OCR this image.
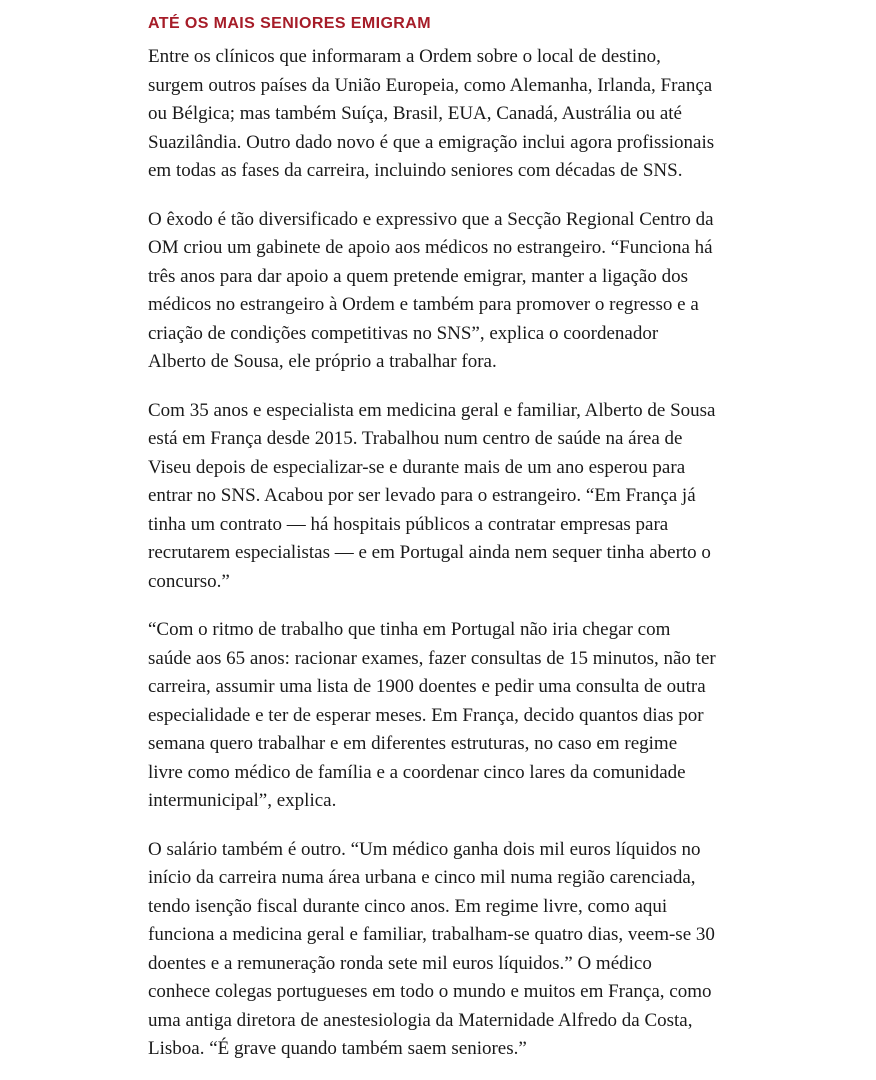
ATÉ OS MAIS SENIORES EMIGRAM

Entre os clínicos que informaram a Ordem sobre o local de destino, surgem outros países da União Europeia, como Alemanha, Irlanda, França ou Bélgica; mas também Suíça, Brasil, EUA, Canadá, Austrália ou até Suazilândia. Outro dado novo é que a emigração inclui agora profissionais em todas as fases da carreira, incluindo seniores com décadas de SNS.

O êxodo é tão diversificado e expressivo que a Secção Regional Centro da OM criou um gabinete de apoio aos médicos no estrangeiro. “Funciona há três anos para dar apoio a quem pretende emigrar, manter a ligação dos médicos no estrangeiro à Ordem e também para promover o regresso e a criação de condições competitivas no SNS”, explica o coordenador Alberto de Sousa, ele próprio a trabalhar fora.

Com 35 anos e especialista em medicina geral e familiar, Alberto de Sousa está em França desde 2015. Trabalhou num centro de saúde na área de Viseu depois de especializar-se e durante mais de um ano esperou para entrar no SNS. Acabou por ser levado para o estrangeiro. “Em França já tinha um contrato — há hospitais públicos a contratar empresas para recrutarem especialistas — e em Portugal ainda nem sequer tinha aberto o concurso.”

“Com o ritmo de trabalho que tinha em Portugal não iria chegar com saúde aos 65 anos: racionar exames, fazer consultas de 15 minutos, não ter carreira, assumir uma lista de 1900 doentes e pedir uma consulta de outra especialidade e ter de esperar meses. Em França, decido quantos dias por semana quero trabalhar e em diferentes estruturas, no caso em regime livre como médico de família e a coordenar cinco lares da comunidade intermunicipal”, explica.

O salário também é outro. “Um médico ganha dois mil euros líquidos no início da carreira numa área urbana e cinco mil numa região carenciada, tendo isenção fiscal durante cinco anos. Em regime livre, como aqui funciona a medicina geral e familiar, trabalham-se quatro dias, veem-se 30 doentes e a remuneração ronda sete mil euros líquidos.” O médico conhece colegas portugueses em todo o mundo e muitos em França, como uma antiga diretora de anestesiologia da Maternidade Alfredo da Costa, Lisboa. “É grave quando também saem seniores.”
